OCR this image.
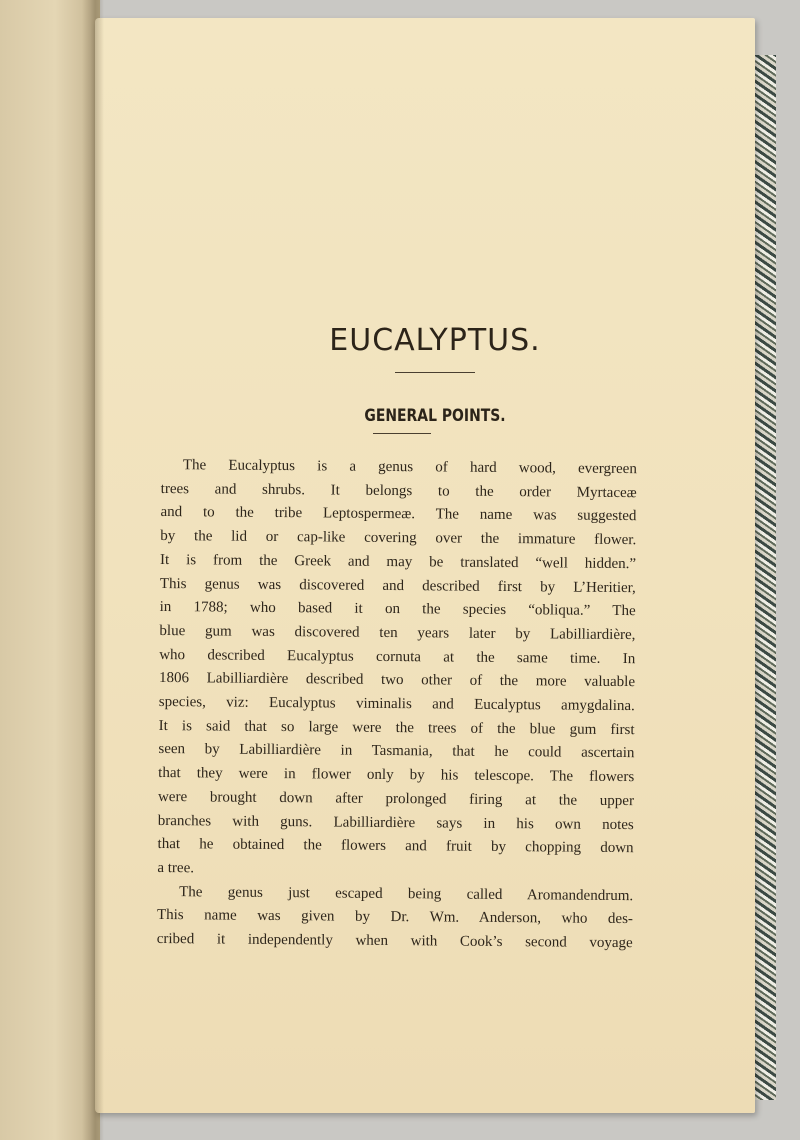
EUCALYPTUS.
GENERAL POINTS.
The Eucalyptus is a genus of hard wood, evergreen
trees and shrubs. It belongs to the order Myrtaceæ
and to the tribe Leptospermeæ. The name was suggested
by the lid or cap-like covering over the immature flower.
It is from the Greek and may be translated “well hidden.”
This genus was discovered and described first by L’Heritier,
in 1788; who based it on the species “obliqua.” The
blue gum was discovered ten years later by Labilliardière,
who described Eucalyptus cornuta at the same time. In
1806 Labilliardière described two other of the more valuable
species, viz: Eucalyptus viminalis and Eucalyptus amygdalina.
It is said that so large were the trees of the blue gum first
seen by Labilliardière in Tasmania, that he could ascertain
that they were in flower only by his telescope. The flowers
were brought down after prolonged firing at the upper
branches with guns. Labilliardière says in his own notes
that he obtained the flowers and fruit by chopping down
a tree.
The genus just escaped being called Aromandendrum.
This name was given by Dr. Wm. Anderson, who des-
cribed it independently when with Cook’s second voyage
